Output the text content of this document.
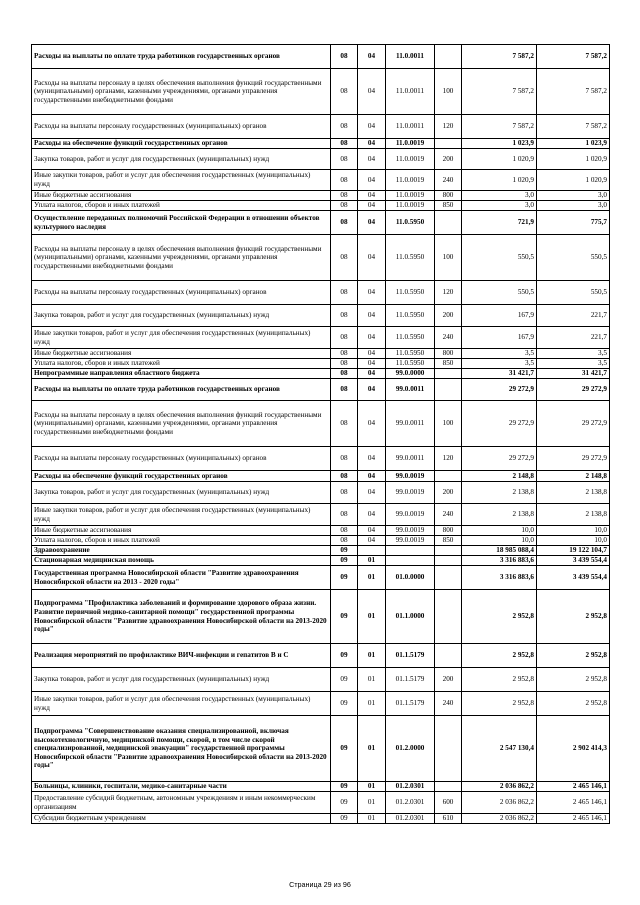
Расходы на выплаты по оплате труда работников государственных органов	08	04	11.0.0011		7 587,2	7 587,2
Расходы на выплаты персоналу в целях обеспечения выполнения функций государственными (муниципальными) органами, казенными учреждениями, органами управления государственными внебюджетными фондами	08	04	11.0.0011	100	7 587,2	7 587,2
Расходы на выплаты персоналу государственных (муниципальных) органов	08	04	11.0.0011	120	7 587,2	7 587,2
Расходы на обеспечение функций государственных органов	08	04	11.0.0019		1 023,9	1 023,9
Закупка товаров, работ и услуг для государственных (муниципальных) нужд	08	04	11.0.0019	200	1 020,9	1 020,9
Иные закупки товаров, работ и услуг для обеспечения государственных (муниципальных) нужд	08	04	11.0.0019	240	1 020,9	1 020,9
Иные бюджетные ассигнования	08	04	11.0.0019	800	3,0	3,0
Уплата налогов, сборов и иных платежей	08	04	11.0.0019	850	3,0	3,0
Осуществление переданных полномочий Российской Федерации в отношении объектов культурного наследия	08	04	11.0.5950		721,9	775,7
Расходы на выплаты персоналу в целях обеспечения выполнения функций государственными (муниципальными) органами, казенными учреждениями, органами управления государственными внебюджетными фондами	08	04	11.0.5950	100	550,5	550,5
Расходы на выплаты персоналу государственных (муниципальных) органов	08	04	11.0.5950	120	550,5	550,5
Закупка товаров, работ и услуг для государственных (муниципальных) нужд	08	04	11.0.5950	200	167,9	221,7
Иные закупки товаров, работ и услуг для обеспечения государственных (муниципальных) нужд	08	04	11.0.5950	240	167,9	221,7
Иные бюджетные ассигнования	08	04	11.0.5950	800	3,5	3,5
Уплата налогов, сборов и иных платежей	08	04	11.0.5950	850	3,5	3,5
Непрограммные направления областного бюджета	08	04	99.0.0000		31 421,7	31 421,7
Расходы на выплаты по оплате труда работников государственных органов	08	04	99.0.0011		29 272,9	29 272,9
Расходы на выплаты персоналу в целях обеспечения выполнения функций государственными (муниципальными) органами, казенными учреждениями, органами управления государственными внебюджетными фондами	08	04	99.0.0011	100	29 272,9	29 272,9
Расходы на выплаты персоналу государственных (муниципальных) органов	08	04	99.0.0011	120	29 272,9	29 272,9
Расходы на обеспечение функций государственных органов	08	04	99.0.0019		2 148,8	2 148,8
Закупка товаров, работ и услуг для государственных (муниципальных) нужд	08	04	99.0.0019	200	2 138,8	2 138,8
Иные закупки товаров, работ и услуг для обеспечения государственных (муниципальных) нужд	08	04	99.0.0019	240	2 138,8	2 138,8
Иные бюджетные ассигнования	08	04	99.0.0019	800	10,0	10,0
Уплата налогов, сборов и иных платежей	08	04	99.0.0019	850	10,0	10,0
Здравоохранение	09				18 985 088,4	19 122 104,7
Стационарная медицинская помощь	09	01			3 316 883,6	3 439 554,4
Государственная программа Новосибирской области "Развитие здравоохранения Новосибирской области на 2013 - 2020 годы"	09	01	01.0.0000		3 316 883,6	3 439 554,4
Подпрограмма "Профилактика заболеваний и формирование здорового образа жизни. Развитие первичной медико-санитарной помощи" государственной программы Новосибирской области "Развитие здравоохранения Новосибирской области на 2013-2020 годы"	09	01	01.1.0000		2 952,8	2 952,8
Реализация мероприятий по профилактике ВИЧ-инфекции и гепатитов В и С	09	01	01.1.5179		2 952,8	2 952,8
Закупка товаров, работ и услуг для государственных (муниципальных) нужд	09	01	01.1.5179	200	2 952,8	2 952,8
Иные закупки товаров, работ и услуг для обеспечения государственных (муниципальных) нужд	09	01	01.1.5179	240	2 952,8	2 952,8
Подпрограмма "Совершенствование оказания специализированной, включая высокотехнологичную, медицинской помощи, скорой, в том числе скорой специализированной, медицинской эвакуации" государственной программы Новосибирской области "Развитие здравоохранения Новосибирской области на 2013-2020 годы"	09	01	01.2.0000		2 547 130,4	2 902 414,3
Больницы, клиники, госпитали, медико-санитарные части	09	01	01.2.0301		2 036 862,2	2 465 146,1
Предоставление субсидий бюджетным, автономным учреждениям и иным некоммерческим организациям	09	01	01.2.0301	600	2 036 862,2	2 465 146,1
Субсидии бюджетным учреждениям	09	01	01.2.0301	610	2 036 862,2	2 465 146,1
Страница 29 из 96
